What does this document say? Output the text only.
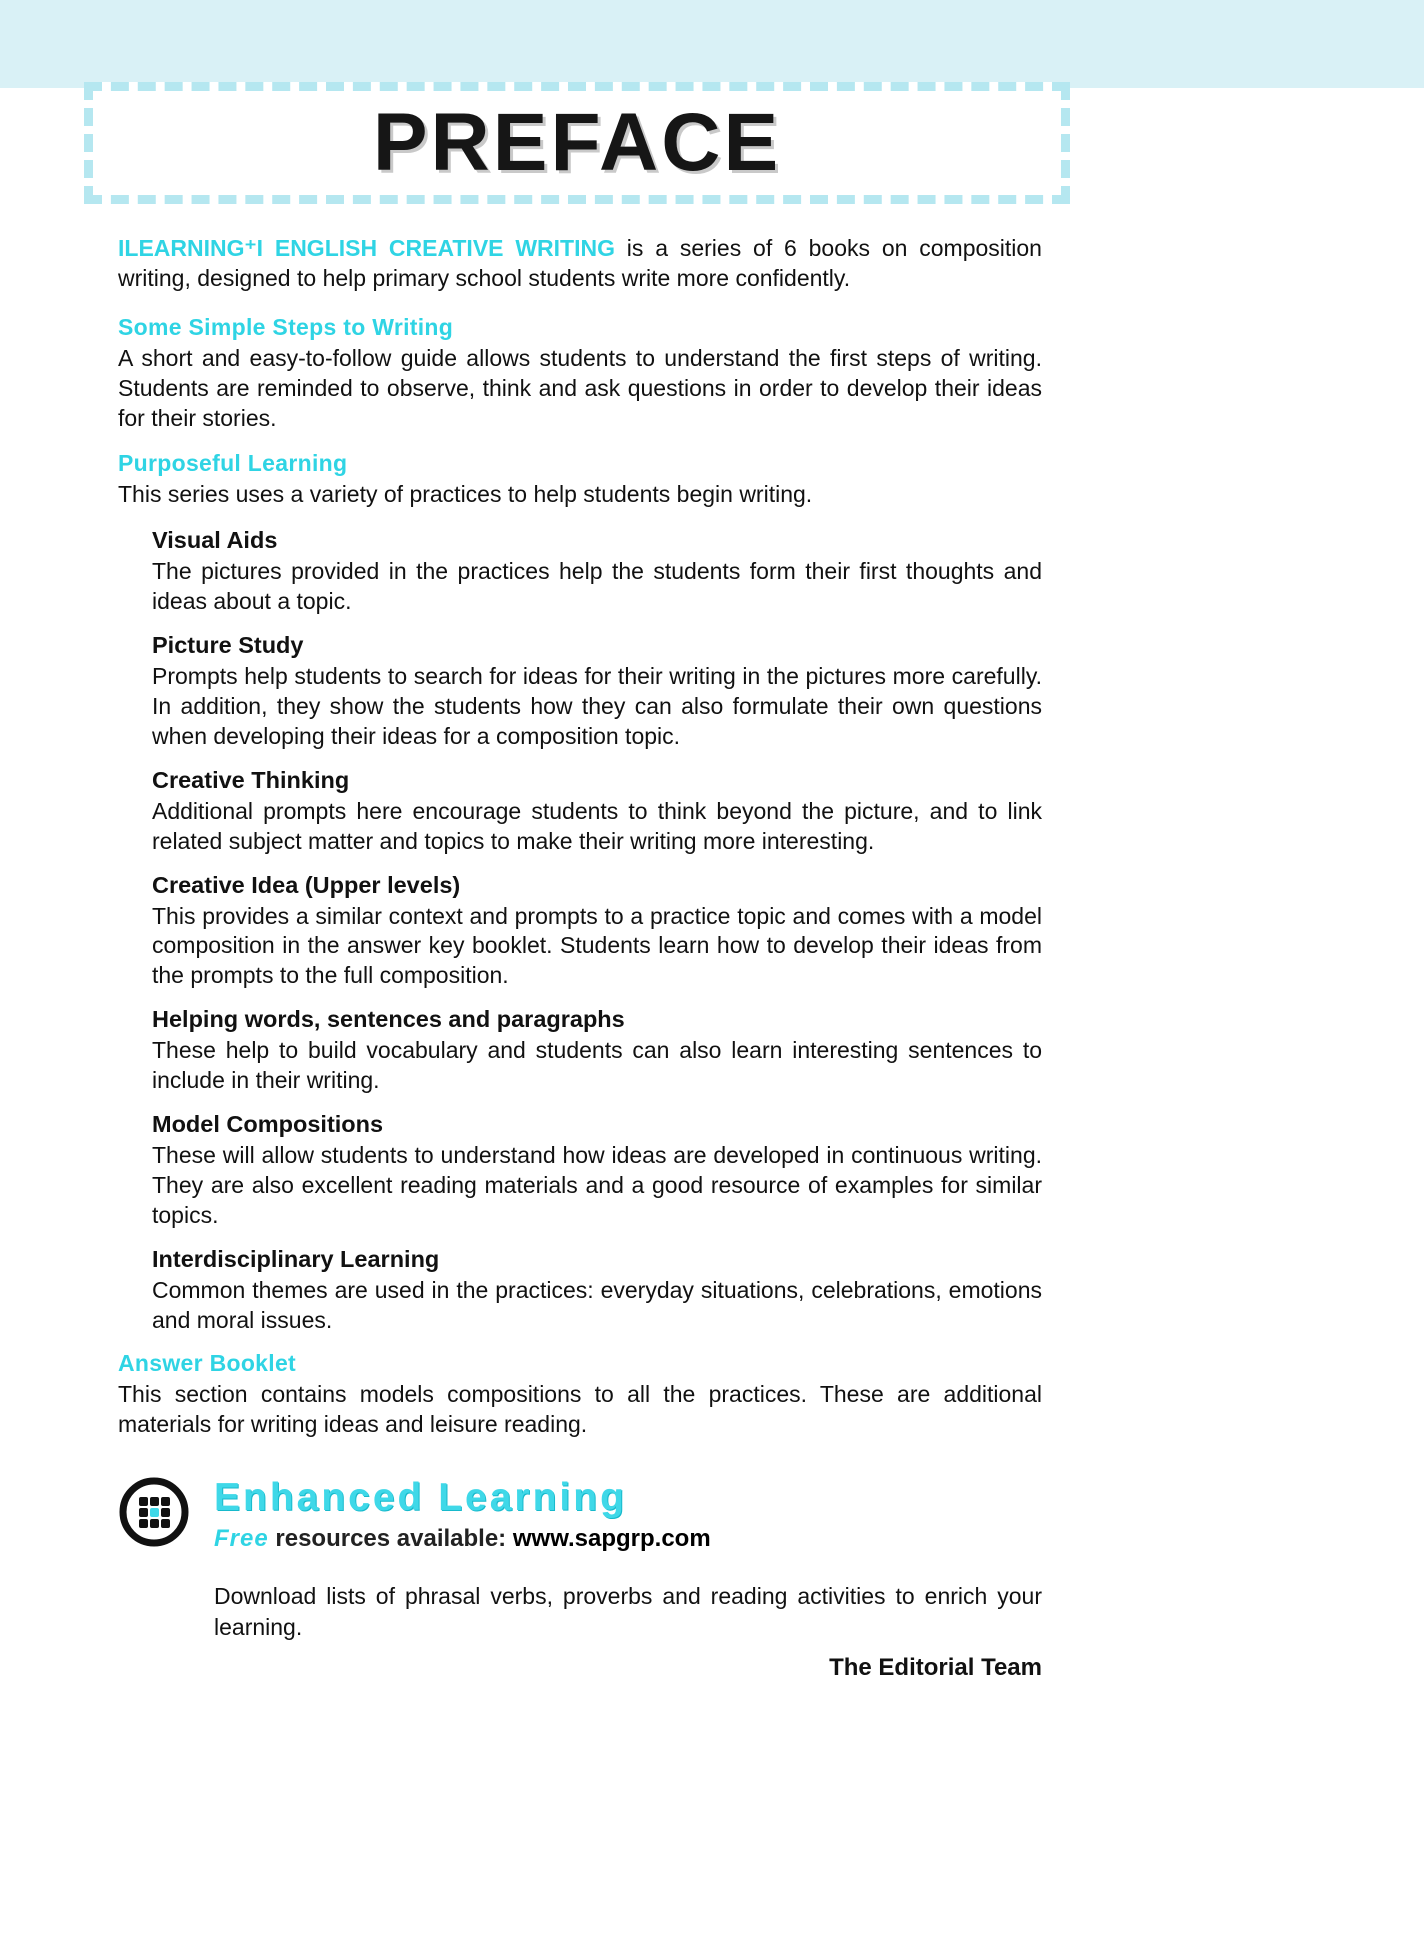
PREFACE

ILEARNING⁺I ENGLISH CREATIVE WRITING is a series of 6 books on composition writing, designed to help primary school students write more confidently.

Some Simple Steps to Writing

A short and easy-to-follow guide allows students to understand the first steps of writing. Students are reminded to observe, think and ask questions in order to develop their ideas for their stories.

Purposeful Learning

This series uses a variety of practices to help students begin writing.

Visual Aids

The pictures provided in the practices help the students form their first thoughts and ideas about a topic.

Picture Study

Prompts help students to search for ideas for their writing in the pictures more carefully. In addition, they show the students how they can also formulate their own questions when developing their ideas for a composition topic.

Creative Thinking

Additional prompts here encourage students to think beyond the picture, and to link related subject matter and topics to make their writing more interesting.

Creative Idea (Upper levels)

This provides a similar context and prompts to a practice topic and comes with a model composition in the answer key booklet. Students learn how to develop their ideas from the prompts to the full composition.

Helping words, sentences and paragraphs

These help to build vocabulary and students can also learn interesting sentences to include in their writing.

Model Compositions

These will allow students to understand how ideas are developed in continuous writing. They are also excellent reading materials and a good resource of examples for similar topics.

Interdisciplinary Learning

Common themes are used in the practices: everyday situations, celebrations, emotions and moral issues.

Answer Booklet

This section contains models compositions to all the practices. These are additional materials for writing ideas and leisure reading.

Enhanced Learning
Free resources available: www.sapgrp.com

Download lists of phrasal verbs, proverbs and reading activities to enrich your learning.

The Editorial Team
